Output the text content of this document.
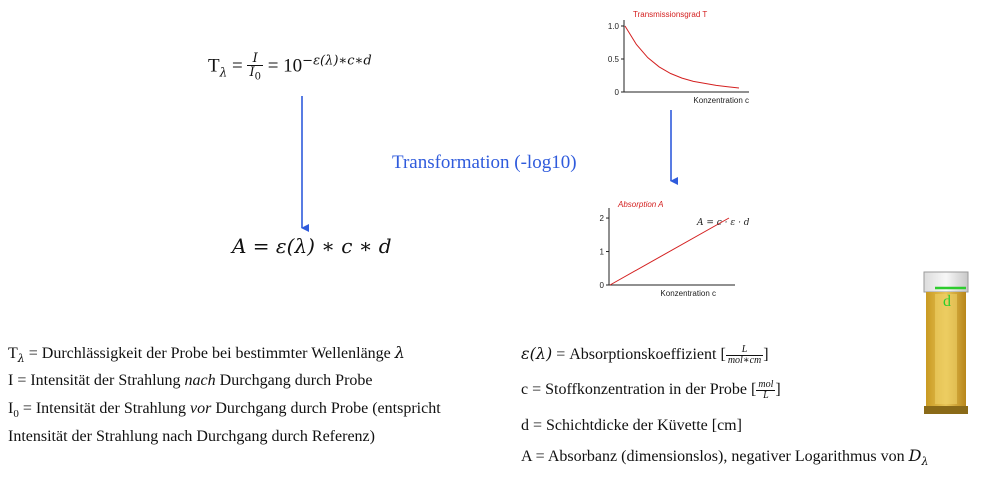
$T_\lambda = \frac{I}{I_0} = 10^{-\varepsilon(\lambda)∗c∗d}$
A = ε(λ) ∗ c ∗ d
Transformation (-log10)
Transmissionsgrad T
1.0
0.5
0
Konzentration c
Absorption A
2
1
0
A = c · ε · d
Konzentration c	d
$T_\lambda$ = Durchlässigkeit der Probe bei bestimmter Wellenlänge λ
I = Intensität der Strahlung nach Durchgang durch Probe
$I_0$ = Intensität der Strahlung vor Durchgang durch Probe (entspricht
Intensität der Strahlung nach Durchgang durch Referenz)
ε(λ) = Absorptionskoeffizient [ $\frac{L}{\text{mol∗cm}}$ ]
c = Stoffkonzentration in der Probe [ $\frac{\text{mol}}{L}$ ]
d = Schichtdicke der Küvette [cm]
A = Absorbanz (dimensionslos), negativer Logarithmus von $D_\lambda$
